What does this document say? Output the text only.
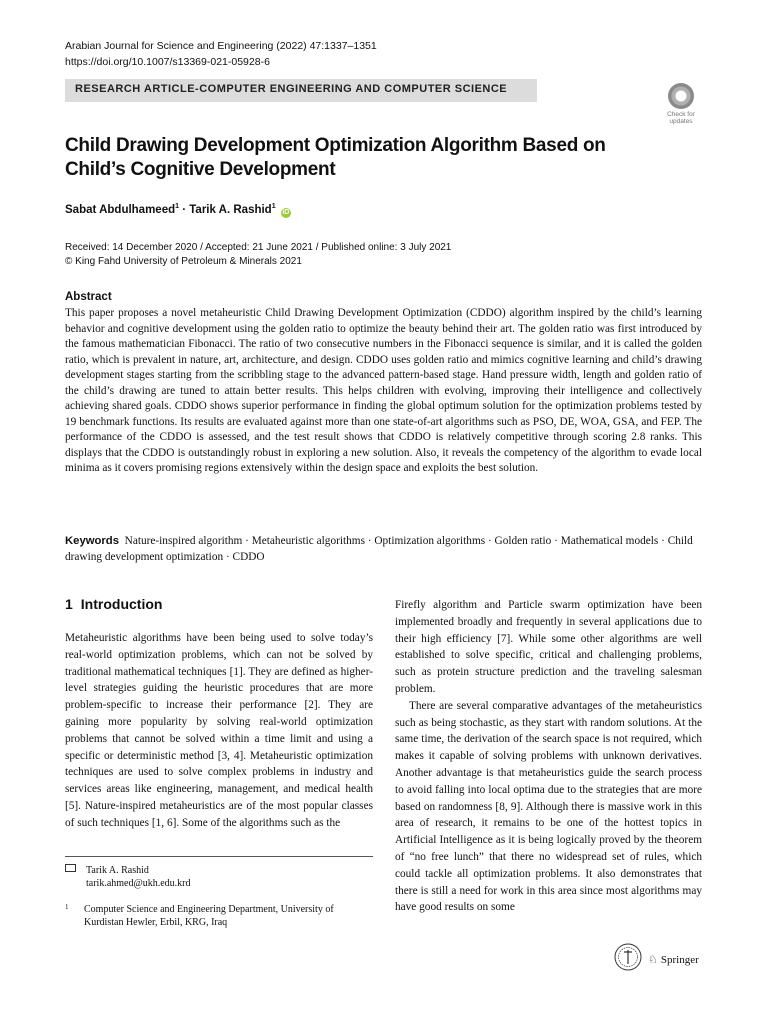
Arabian Journal for Science and Engineering (2022) 47:1337–1351
https://doi.org/10.1007/s13369-021-05928-6
RESEARCH ARTICLE-COMPUTER ENGINEERING AND COMPUTER SCIENCE
Check for
updates
Child Drawing Development Optimization Algorithm Based on Child’s Cognitive Development
Sabat Abdulhameed$^1$ · Tarik A. Rashid$^1$ iD
Received: 14 December 2020 / Accepted: 21 June 2021 / Published online: 3 July 2021
© King Fahd University of Petroleum & Minerals 2021
Abstract
This paper proposes a novel metaheuristic Child Drawing Development Optimization (CDDO) algorithm inspired by the child’s learning behavior and cognitive development using the golden ratio to optimize the beauty behind their art. The golden ratio was first introduced by the famous mathematician Fibonacci. The ratio of two consecutive numbers in the Fibonacci sequence is similar, and it is called the golden ratio, which is prevalent in nature, art, architecture, and design. CDDO uses golden ratio and mimics cognitive learning and child’s drawing development stages starting from the scribbling stage to the advanced pattern-based stage. Hand pressure width, length and golden ratio of the child’s drawing are tuned to attain better results. This helps children with evolving, improving their intelligence and collectively achieving shared goals. CDDO shows superior performance in finding the global optimum solution for the optimization problems tested by 19 benchmark functions. Its results are evaluated against more than one state-of-art algorithms such as PSO, DE, WOA, GSA, and FEP. The performance of the CDDO is assessed, and the test result shows that CDDO is relatively competitive through scoring 2.8 ranks. This displays that the CDDO is outstandingly robust in exploring a new solution. Also, it reveals the competency of the algorithm to evade local minima as it covers promising regions extensively within the design space and exploits the best solution.
Keywords Nature-inspired algorithm · Metaheuristic algorithms · Optimization algorithms · Golden ratio · Mathematical models · Child drawing development optimization · CDDO
1 Introduction

Metaheuristic algorithms have been being used to solve today’s real-world optimization problems, which can not be solved by traditional mathematical techniques [1]. They are defined as higher-level strategies guiding the heuristic procedures that are more problem-specific to increase their performance [2]. They are gaining more popularity by solving real-world optimization problems that cannot be solved within a time limit and using a specific or deterministic method [3, 4]. Metaheuristic optimization techniques are used to solve complex problems in industry and services areas like engineering, management, and medical health [5]. Nature-inspired metaheuristics are of the most popular classes of such techniques [1, 6]. Some of the algorithms such as the

Firefly algorithm and Particle swarm optimization have been implemented broadly and frequently in several applications due to their high efficiency [7]. While some other algorithms are well established to solve specific, critical and challenging problems, such as protein structure prediction and the traveling salesman problem.

There are several comparative advantages of the metaheuristics such as being stochastic, as they start with random solutions. At the same time, the derivation of the search space is not required, which makes it capable of solving problems with unknown derivatives. Another advantage is that metaheuristics guide the search process to avoid falling into local optima due to the strategies that are more based on randomness [8, 9]. Although there is massive work in this area of research, it remains to be one of the hottest topics in Artificial Intelligence as it is being logically proved by the theorem of “no free lunch” that there no widespread set of rules, which could tackle all optimization problems. It also demonstrates that there is still a need for work in this area since most algorithms may have good results on some

Tarik A. Rashid
tarik.ahmed@ukh.edu.krd
1	Computer Science and Engineering Department, University of Kurdistan Hewler, Erbil, KRG, Iraq
♘ Springer
